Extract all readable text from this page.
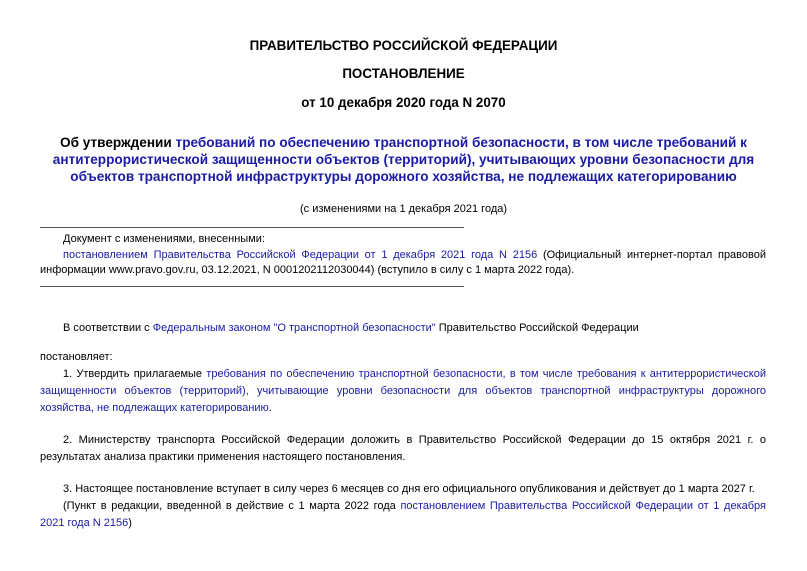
ПРАВИТЕЛЬСТВО РОССИЙСКОЙ ФЕДЕРАЦИИ
ПОСТАНОВЛЕНИЕ
от 10 декабря 2020 года N 2070
Об утверждении требований по обеспечению транспортной безопасности, в том числе требований к антитеррористической защищенности объектов (территорий), учитывающих уровни безопасности для объектов транспортной инфраструктуры дорожного хозяйства, не подлежащих категорированию
(с изменениями на 1 декабря 2021 года)
Документ с изменениями, внесенными:
постановлением Правительства Российской Федерации от 1 декабря 2021 года N 2156 (Официальный интернет-портал правовой информации www.pravo.gov.ru, 03.12.2021, N 0001202112030044) (вступило в силу с 1 марта 2022 года).
В соответствии с Федеральным законом "О транспортной безопасности" Правительство Российской Федерации
постановляет:

1. Утвердить прилагаемые требования по обеспечению транспортной безопасности, в том числе требования к антитеррористической защищенности объектов (территорий), учитывающие уровни безопасности для объектов транспортной инфраструктуры дорожного хозяйства, не подлежащих категорированию.

2. Министерству транспорта Российской Федерации доложить в Правительство Российской Федерации до 15 октября 2021 г. о результатах анализа практики применения настоящего постановления.

3. Настоящее постановление вступает в силу через 6 месяцев со дня его официального опубликования и действует до 1 марта 2027 г.

(Пункт в редакции, введенной в действие с 1 марта 2022 года постановлением Правительства Российской Федерации от 1 декабря 2021 года N 2156)
